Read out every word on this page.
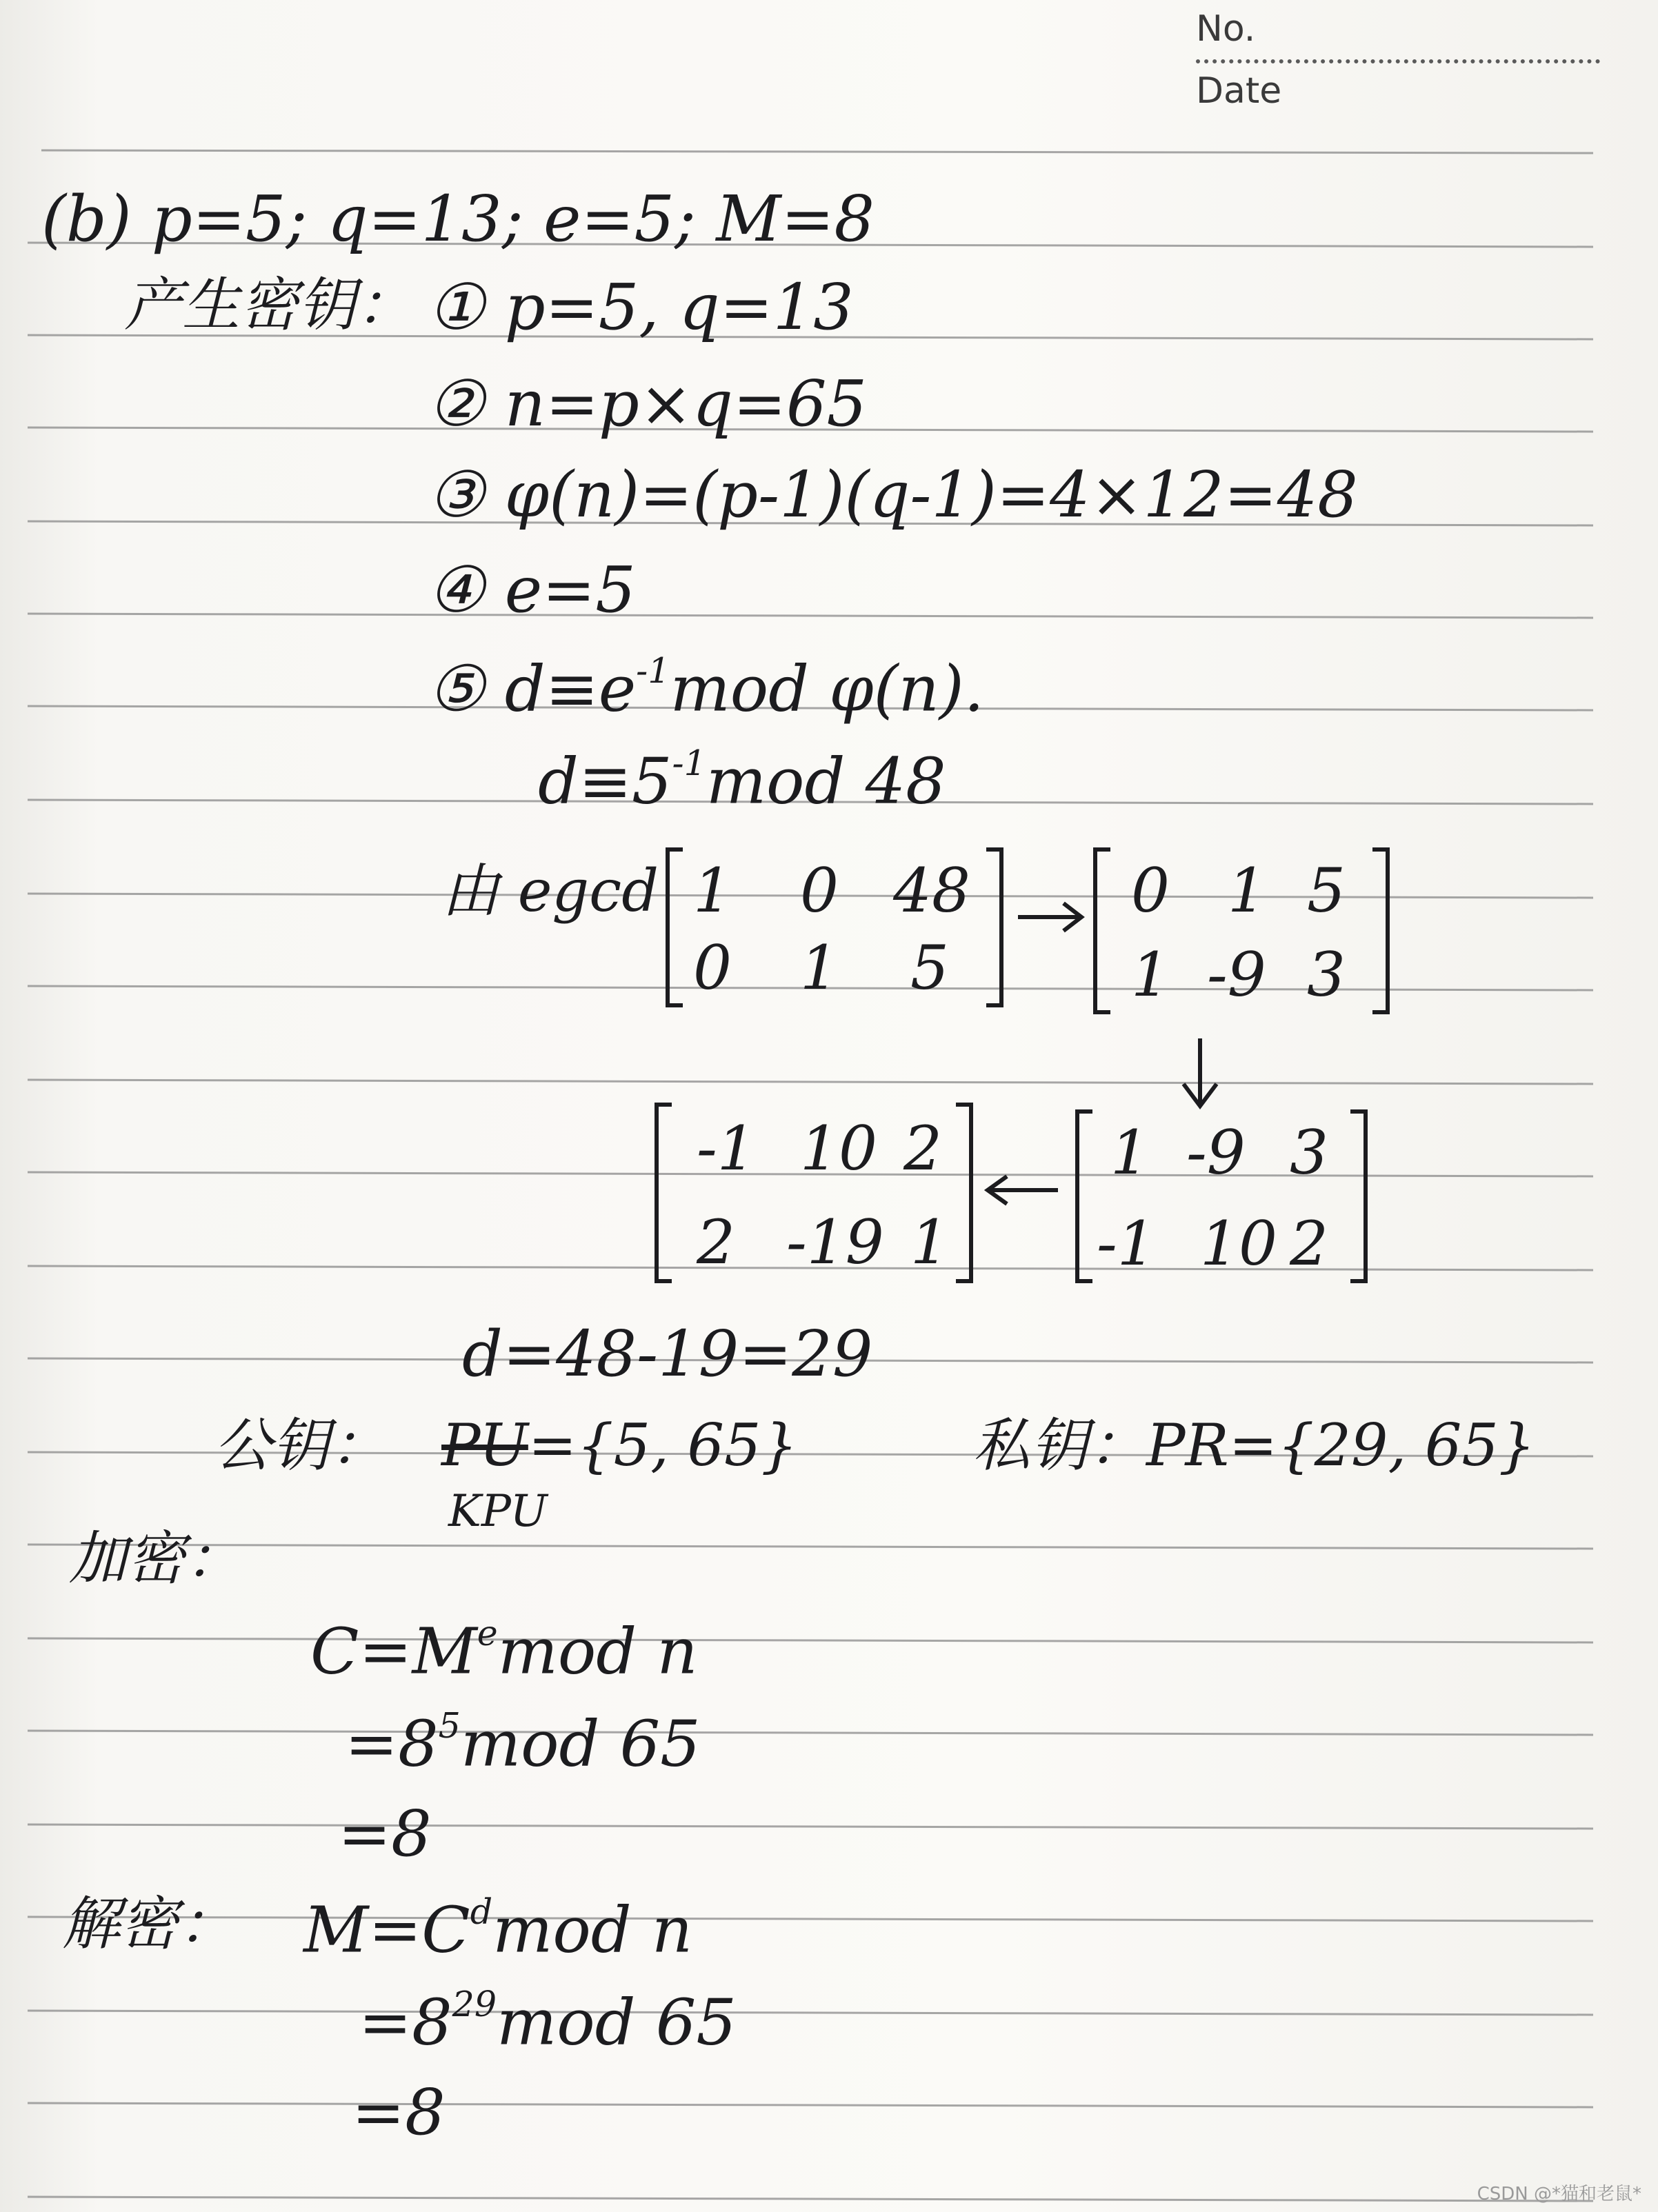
No.
Date
(b) p=5; q=13; e=5; M=8
产生密钥： ① p=5, q=13
② n=p×q=65
③ φ(n)=(p-1)(q-1)=4×12=48
④ e=5
⑤ $d\equiv e^{-1}mod$ φ(n).
$d\equiv 5^{-1}mod$ 48
由 egcd 1 0 48
0 1 5
0 1 5
1 -9 3
-1 10 2
2 -19 1
1 -9 3
-1 10 2
d=48-19=29
公钥： PU={5, 65}	私钥：PR={29, 65}
KPU
加密：
$C=M^emod$ n
$=8^5mod$ 65
=8
解密： $M=C^dmod$ n
$=8^{29}mod$ 65
=8
CSDN @*猫和老鼠*
